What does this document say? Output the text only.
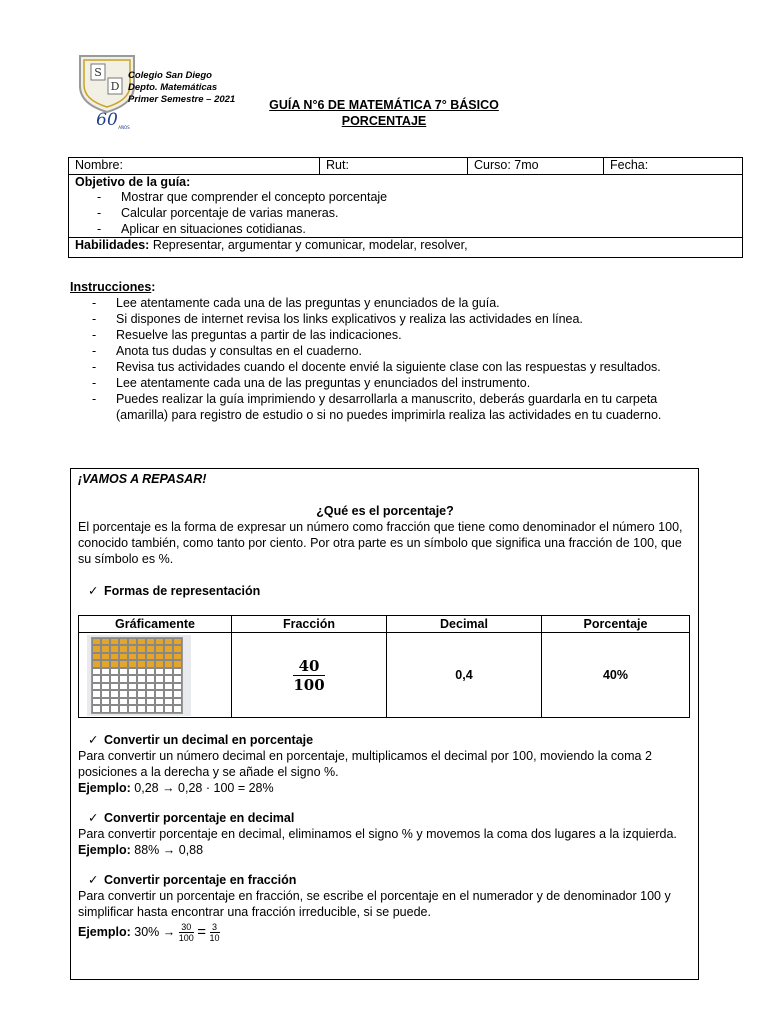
S
D
60 AÑOS
Colegio San Diego
Depto. Matemáticas
Primer Semestre – 2021	GUÍA N°6 DE MATEMÁTICA 7° BÁSICO
PORCENTAJE
Nombre:	Rut:	Curso: 7mo	Fecha:

Objetivo de la guía:
- Mostrar que comprender el concepto porcentaje
- Calcular porcentaje de varias maneras.
- Aplicar en situaciones cotidianas.

Habilidades: Representar, argumentar y comunicar, modelar, resolver,
Instrucciones:
- Lee atentamente cada una de las preguntas y enunciados de la guía.
- Si dispones de internet revisa los links explicativos y realiza las actividades en línea.
- Resuelve las preguntas a partir de las indicaciones.
- Anota tus dudas y consultas en el cuaderno.
- Revisa tus actividades cuando el docente envié la siguiente clase con las respuestas y resultados.
- Lee atentamente cada una de las preguntas y enunciados del instrumento.
- Puedes realizar la guía imprimiendo y desarrollarla a manuscrito, deberás guardarla en tu carpeta (amarilla) para registro de estudio o si no puedes imprimirla realiza las actividades en tu cuaderno.
¡VAMOS A REPASAR!
¿Qué es el porcentaje?
El porcentaje es la forma de expresar un número como fracción que tiene como denominador el número 100, conocido también, como tanto por ciento. Por otra parte es un símbolo que significa una fracción de 100, que su símbolo es %.
✓ Formas de representación
Gráficamente	Fracción	Decimal	Porcentaje

	$\frac{40}{100}$	0,4	40%
✓ Convertir un decimal en porcentaje
Para convertir un número decimal en porcentaje, multiplicamos el decimal por 100, moviendo la coma 2 posiciones a la derecha y se añade el signo %.
Ejemplo: 0,28 → 0,28 · 100 = 28%
✓ Convertir porcentaje en decimal
Para convertir porcentaje en decimal, eliminamos el signo % y movemos la coma dos lugares a la izquierda.
Ejemplo: 88% → 0,88
✓ Convertir porcentaje en fracción
Para convertir un porcentaje en fracción, se escribe el porcentaje en el numerador y de denominador 100 y simplificar hasta encontrar una fracción irreducible, si se puede.
Ejemplo: $30\% \to \frac{30}{100} = \frac{3}{10}$
